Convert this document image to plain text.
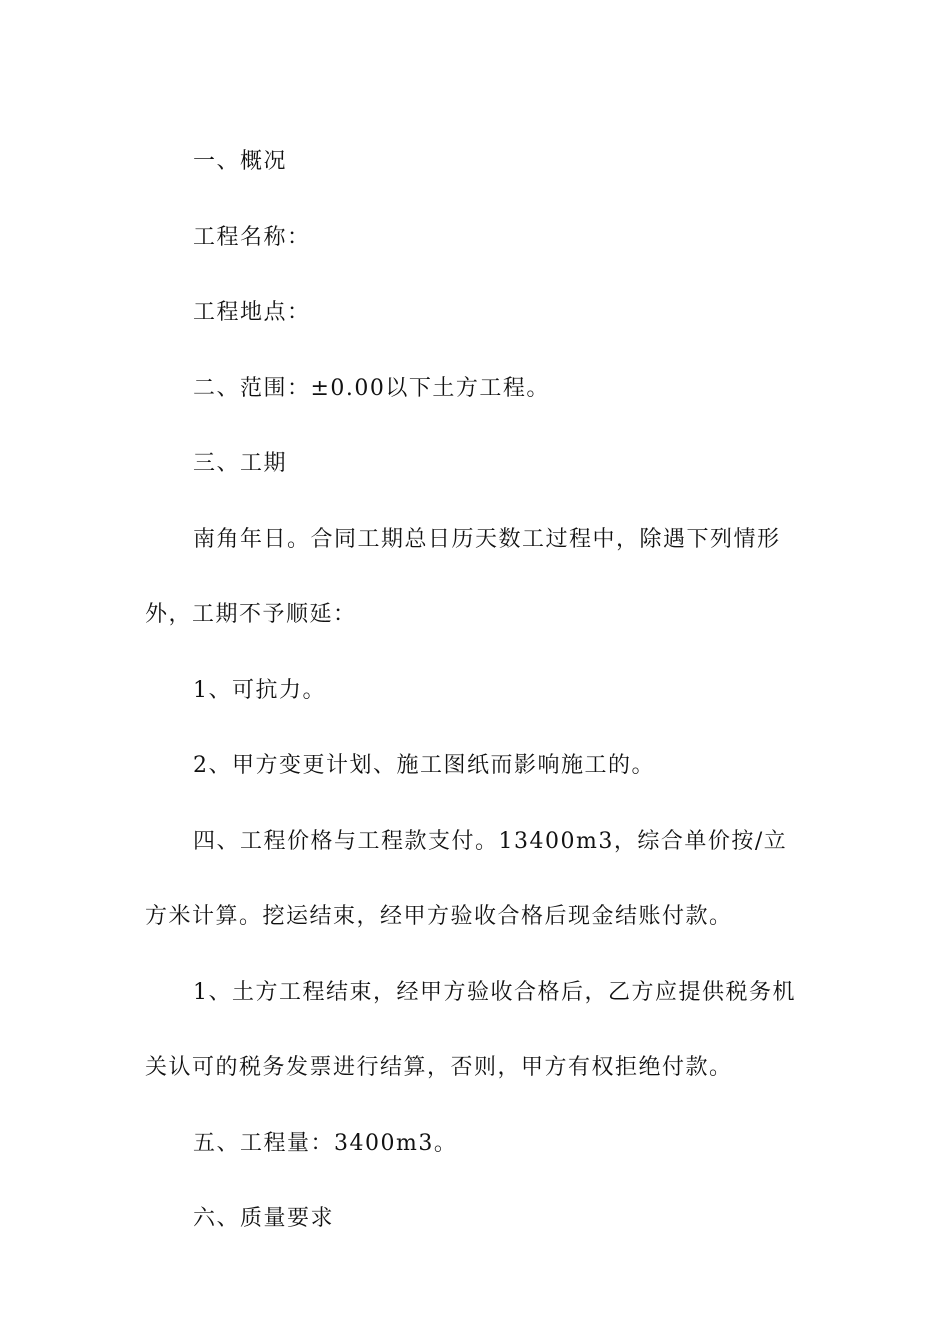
一、概况

工程名称：

工程地点：

二、范围：±0.00以下土方工程。

三、工期

南角年日。合同工期总日历天数工过程中，除遇下列情形外，工期不予顺延：

1、可抗力。

2、甲方变更计划、施工图纸而影响施工的。

四、工程价格与工程款支付。13400m3，综合单价按/立方米计算。挖运结束，经甲方验收合格后现金结账付款。

1、土方工程结束，经甲方验收合格后，乙方应提供税务机关认可的税务发票进行结算，否则，甲方有权拒绝付款。

五、工程量：3400m3。

六、质量要求
